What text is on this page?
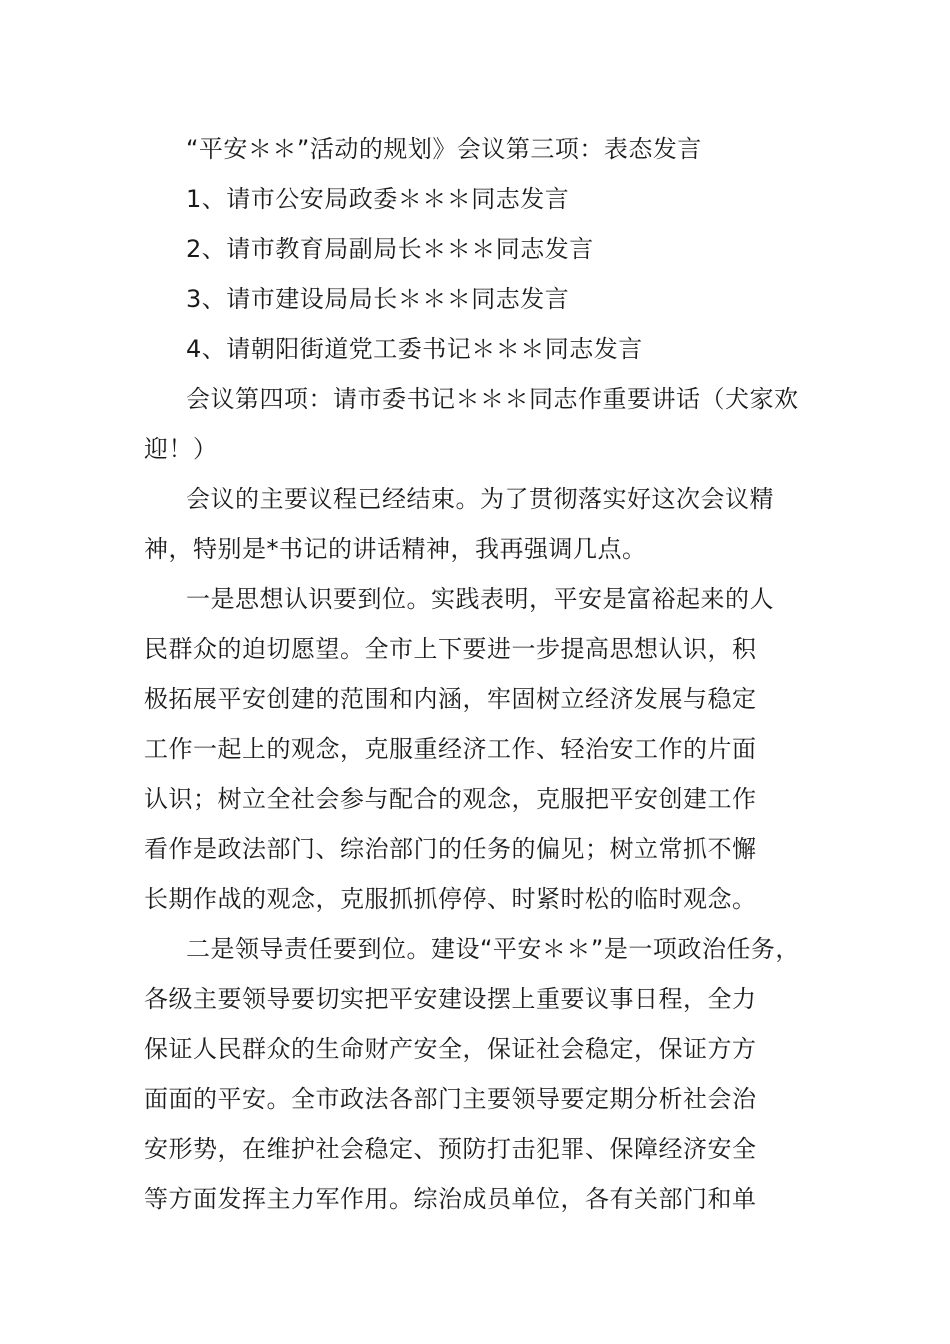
“平安＊＊”活动的规划》会议第三项：表态发言
1、请市公安局政委＊＊＊同志发言
2、请市教育局副局长＊＊＊同志发言
3、请市建设局局长＊＊＊同志发言
4、请朝阳街道党工委书记＊＊＊同志发言
会议第四项：请市委书记＊＊＊同志作重要讲话（犬家欢
迎！）
会议的主要议程已经结束。为了贯彻落实好这次会议精
神，特别是*书记的讲话精神，我再强调几点。
一是思想认识要到位。实践表明，平安是富裕起来的人
民群众的迫切愿望。全市上下要进一步提高思想认识，积
极拓展平安创建的范围和内涵，牢固树立经济发展与稳定
工作一起上的观念，克服重经济工作、轻治安工作的片面
认识；树立全社会参与配合的观念，克服把平安创建工作
看作是政法部门、综治部门的任务的偏见；树立常抓不懈
长期作战的观念，克服抓抓停停、时紧时松的临时观念。
二是领导责任要到位。建设“平安＊＊”是一项政治任务，
各级主要领导要切实把平安建设摆上重要议事日程，全力
保证人民群众的生命财产安全，保证社会稳定，保证方方
面面的平安。全市政法各部门主要领导要定期分析社会治
安形势，在维护社会稳定、预防打击犯罪、保障经济安全
等方面发挥主力军作用。综治成员单位，各有关部门和单
